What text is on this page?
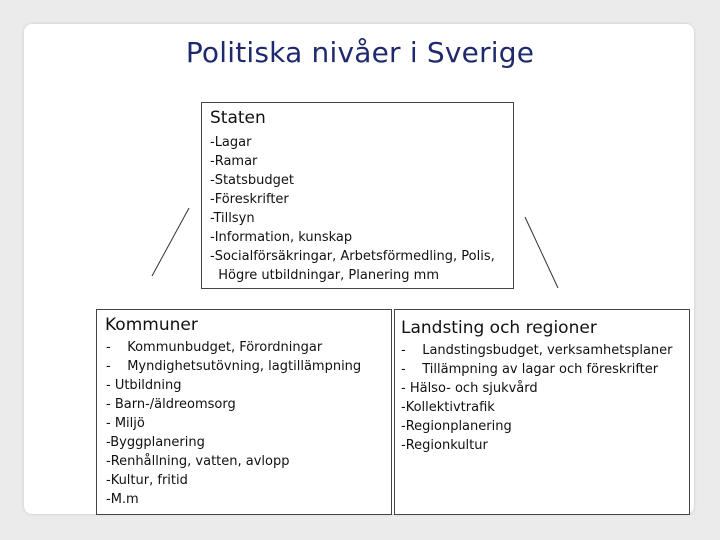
Politiska nivåer i Sverige
Staten
-Lagar
-Ramar
-Statsbudget
-Föreskrifter
-Tillsyn
-Information, kunskap
-Socialförsäkringar, Arbetsförmedling, Polis,
Högre utbildningar, Planering mm
Kommuner
-    Kommunbudget, Förordningar
-    Myndighetsutövning, lagtillämpning
- Utbildning
- Barn-/äldreomsorg
- Miljö
-Byggplanering
-Renhållning, vatten, avlopp
-Kultur, fritid
-M.m
Landsting och regioner
-    Landstingsbudget, verksamhetsplaner
-    Tillämpning av lagar och föreskrifter
- Hälso- och sjukvård
-Kollektivtrafik
-Regionplanering
-Regionkultur
